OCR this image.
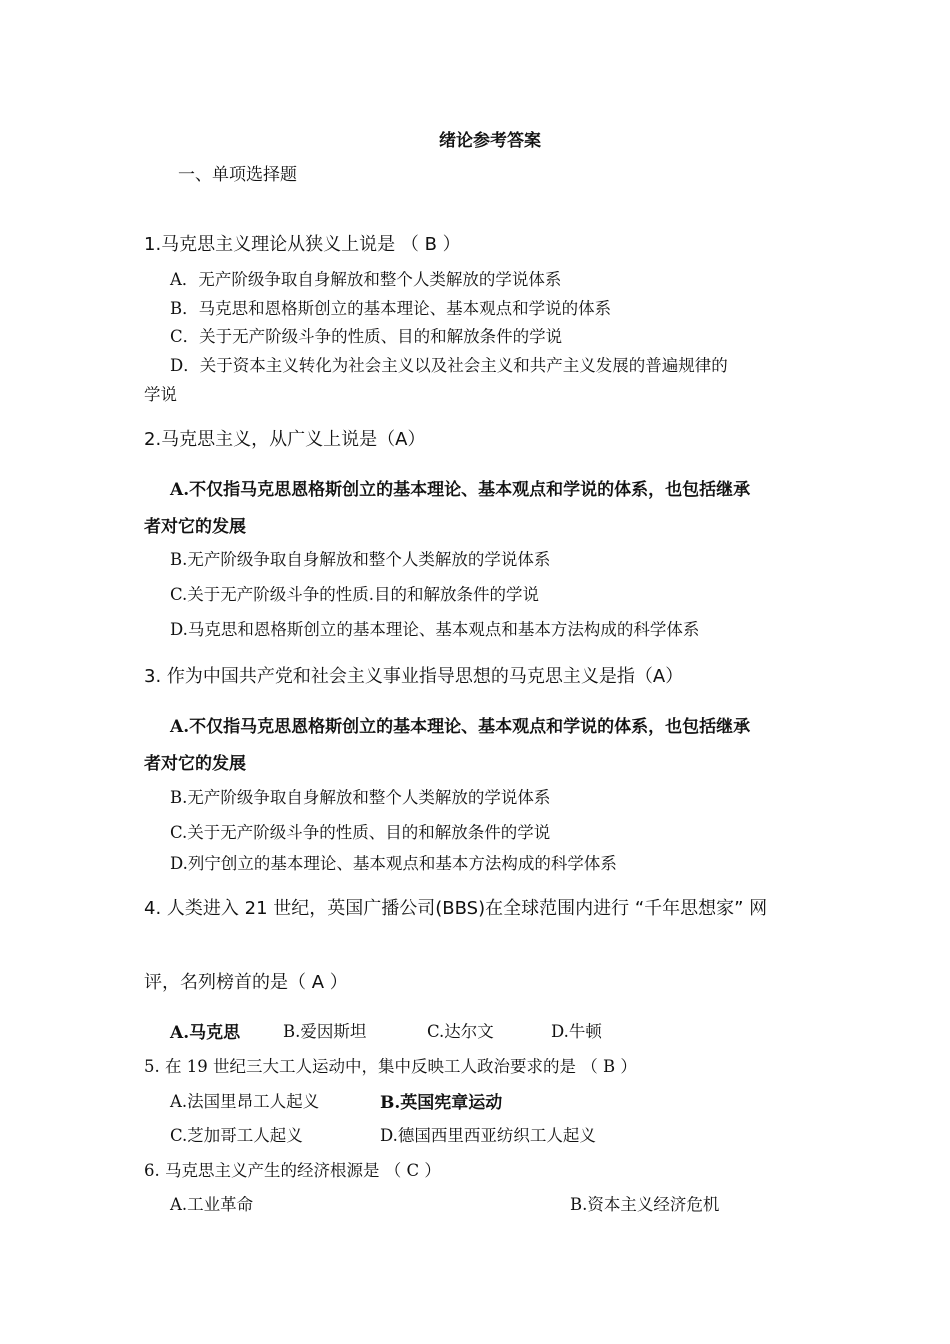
绪论参考答案
一、单项选择题
1.马克思主义理论从狭义上说是 （ B ）
A．无产阶级争取自身解放和整个人类解放的学说体系
B．马克思和恩格斯创立的基本理论、基本观点和学说的体系
C．关于无产阶级斗争的性质、目的和解放条件的学说
D．关于资本主义转化为社会主义以及社会主义和共产主义发展的普遍规律的
学说
2.马克思主义，从广义上说是（A）
A.不仅指马克思恩格斯创立的基本理论、基本观点和学说的体系，也包括继承
者对它的发展
B.无产阶级争取自身解放和整个人类解放的学说体系
C.关于无产阶级斗争的性质.目的和解放条件的学说
D.马克思和恩格斯创立的基本理论、基本观点和基本方法构成的科学体系
3. 作为中国共产党和社会主义事业指导思想的马克思主义是指（A）
A.不仅指马克思恩格斯创立的基本理论、基本观点和学说的体系，也包括继承
者对它的发展
B.无产阶级争取自身解放和整个人类解放的学说体系
C.关于无产阶级斗争的性质、目的和解放条件的学说
D.列宁创立的基本理论、基本观点和基本方法构成的科学体系
4. 人类进入 21 世纪，英国广播公司(BBS)在全球范围内进行 “千年思想家” 网
评，名列榜首的是（ A ）
A.马克思	B.爱因斯坦	C.达尔文	D.牛顿
5. 在 19 世纪三大工人运动中，集中反映工人政治要求的是 （ B ）
A.法国里昂工人起义	B.英国宪章运动
C.芝加哥工人起义	D.德国西里西亚纺织工人起义
6. 马克思主义产生的经济根源是 （ C ）
A.工业革命	B.资本主义经济危机
